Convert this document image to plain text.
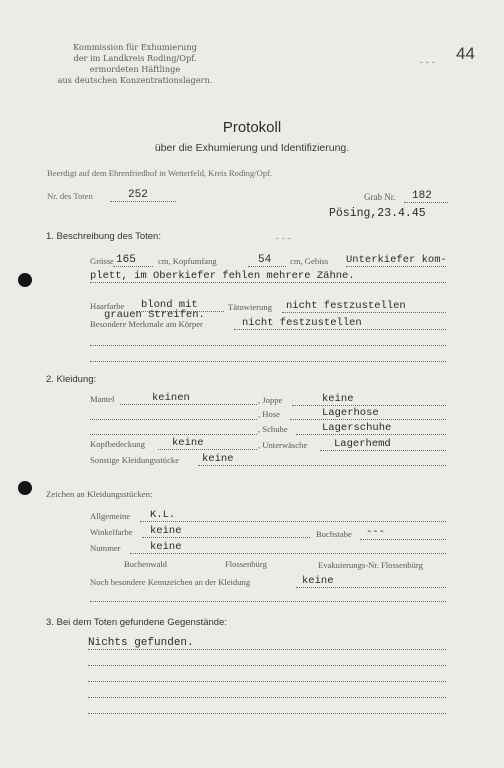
Kommission für Exhumierung
der im Landkreis Roding/Opf.
ermordeten Häftlinge
aus deutschen Konzentrationslagern.
44
- - -
Protokoll
über die Exhumierung und Identifizierung.
Beerdigt auf dem Ehrenfriedhof in Wetterfeld, Kreis Roding/Opf.
Nr. des Toten	252	Grab Nr. 182
Pösing,23.4.45
1. Beschreibung des Toten:	- - -
Grösse 165	cm, Kopfumfang	54 cm, Gebiss Unterkiefer kom-
plett, im Oberkiefer fehlen mehrere Zähne.
Haarfarbe blond mit	Tätowierung nicht festzustellen
grauen Streifen.
Besondere Merkmale am Körper	nicht festzustellen
2. Kleidung:
Mantel	keinen	, Joppe	keine
, Hose	Lagerhose
, Schuhe	Lagerschuhe
Kopfbedeckung	keine	, Unterwäsche	Lagerhemd
Sonstige Kleidungsstücke keine
Zeichen an Kleidungsstücken:
Allgemeine K.L.
Winkelfarbe keine	Buchstabe ---
Nummer	keine
Buchenwald	Flossenbürg	Evakuierungs-Nr. Flossenbürg
Noch besondere Kennzeichen an der Kleidung	keine
3. Bei dem Toten gefundene Gegenstände:
Nichts gefunden.
